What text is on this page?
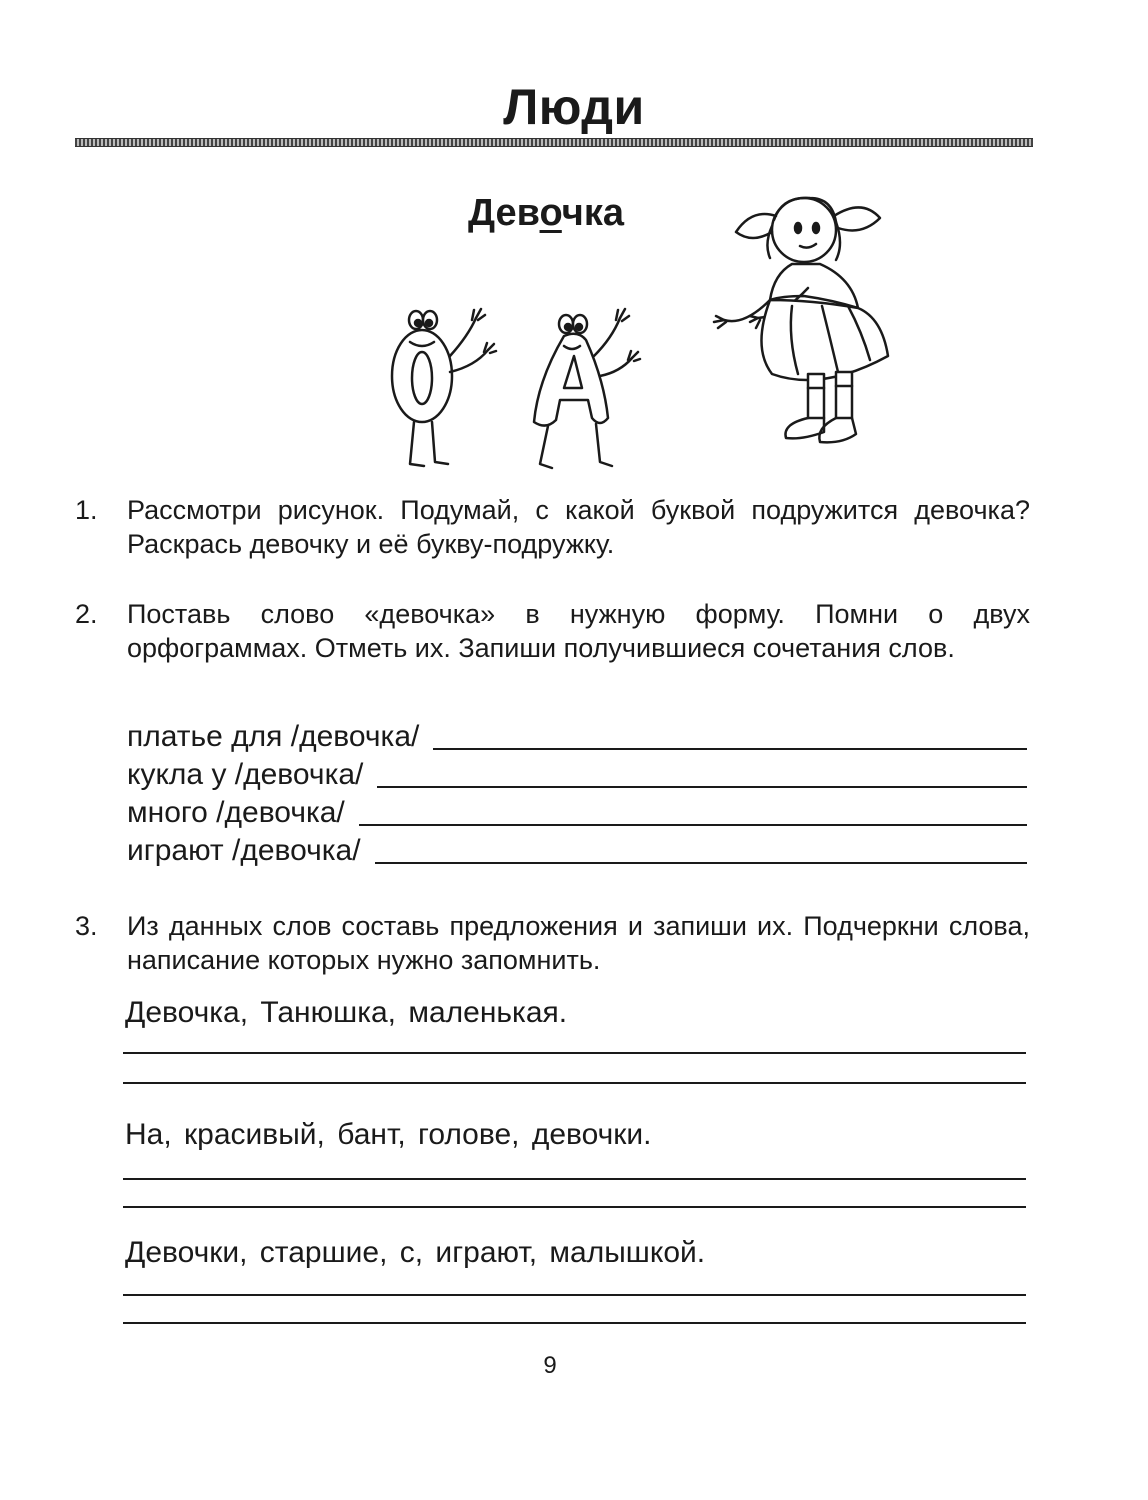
Люди
Девочка
1.	Рассмотри рисунок. Подумай, с какой буквой подружится девочка? Раскрась девочку и её букву-подружку.
2.	Поставь слово «девочка» в нужную форму. Помни о двух орфограммах. Отметь их. Запиши получившиеся сочетания слов.
платье для /девочка/
кукла у /девочка/
много /девочка/
играют /девочка/
3.	Из данных слов составь предложения и запиши их. Подчеркни слова, написание которых нужно запомнить.
Девочка, Танюшка, маленькая.
На, красивый, бант, голове, девочки.
Девочки, старшие, с, играют, малышкой.
9
